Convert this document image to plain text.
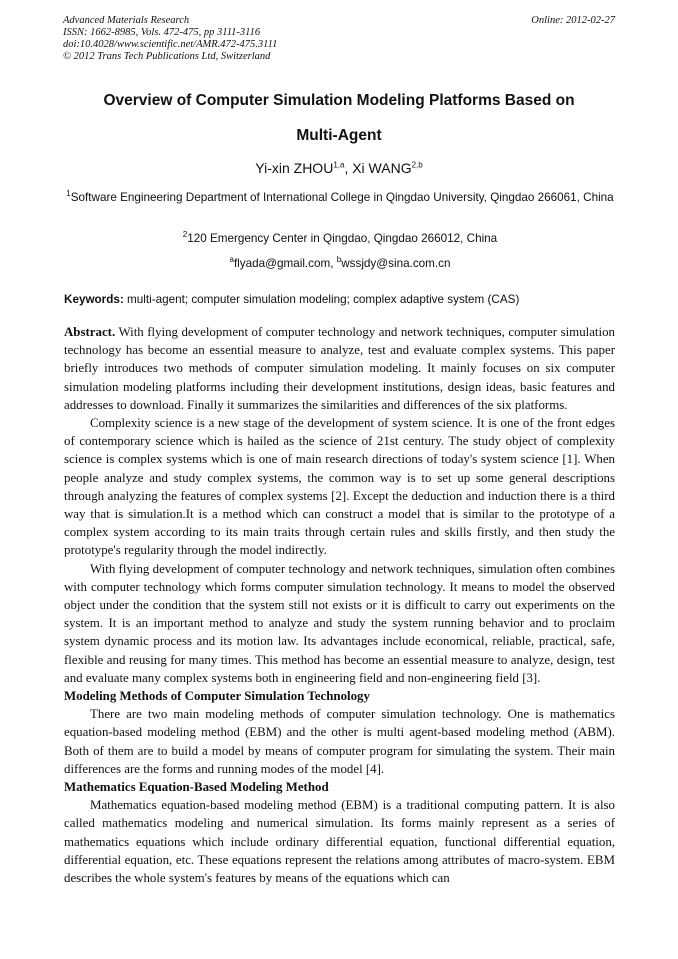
Advanced Materials Research
ISSN: 1662-8985, Vols. 472-475, pp 3111-3116
doi:10.4028/www.scientific.net/AMR.472-475.3111
© 2012 Trans Tech Publications Ltd, Switzerland
Online: 2012-02-27
Overview of Computer Simulation Modeling Platforms Based on
Multi-Agent
Yi-xin ZHOU$^{1,a}$, Xi WANG$^{2,b}$
$^1$Software Engineering Department of International College in Qingdao University, Qingdao 266061, China
$^2$120 Emergency Center in Qingdao, Qingdao 266012, China
$^a$flyada@gmail.com, $^b$wssjdy@sina.com.cn
Keywords: multi-agent; computer simulation modeling; complex adaptive system (CAS)

Abstract. With flying development of computer technology and network techniques, computer simulation technology has become an essential measure to analyze, test and evaluate complex systems. This paper briefly introduces two methods of computer simulation modeling. It mainly focuses on six computer simulation modeling platforms including their development institutions, design ideas, basic features and addresses to download. Finally it summarizes the similarities and differences of the six platforms.

Complexity science is a new stage of the development of system science. It is one of the front edges of contemporary science which is hailed as the science of 21st century. The study object of complexity science is complex systems which is one of main research directions of today's system science [1]. When people analyze and study complex systems, the common way is to set up some general descriptions through analyzing the features of complex systems [2]. Except the deduction and induction there is a third way that is simulation.It is a method which can construct a model that is similar to the prototype of a complex system according to its main traits through certain rules and skills firstly, and then study the prototype's regularity through the model indirectly.

With flying development of computer technology and network techniques, simulation often combines with computer technology which forms computer simulation technology. It means to model the observed object under the condition that the system still not exists or it is difficult to carry out experiments on the system. It is an important method to analyze and study the system running behavior and to proclaim system dynamic process and its motion law. Its advantages include economical, reliable, practical, safe, flexible and reusing for many times. This method has become an essential measure to analyze, design, test and evaluate many complex systems both in engineering field and non-engineering field [3].

Modeling Methods of Computer Simulation Technology

There are two main modeling methods of computer simulation technology. One is mathematics equation-based modeling method (EBM) and the other is multi agent-based modeling method (ABM). Both of them are to build a model by means of computer program for simulating the system. Their main differences are the forms and running modes of the model [4].

Mathematics Equation-Based Modeling Method

Mathematics equation-based modeling method (EBM) is a traditional computing pattern. It is also called mathematics modeling and numerical simulation. Its forms mainly represent as a series of mathematics equations which include ordinary differential equation, functional differential equation, differential equation, etc. These equations represent the relations among attributes of macro-system. EBM describes the whole system's features by means of the equations which can
